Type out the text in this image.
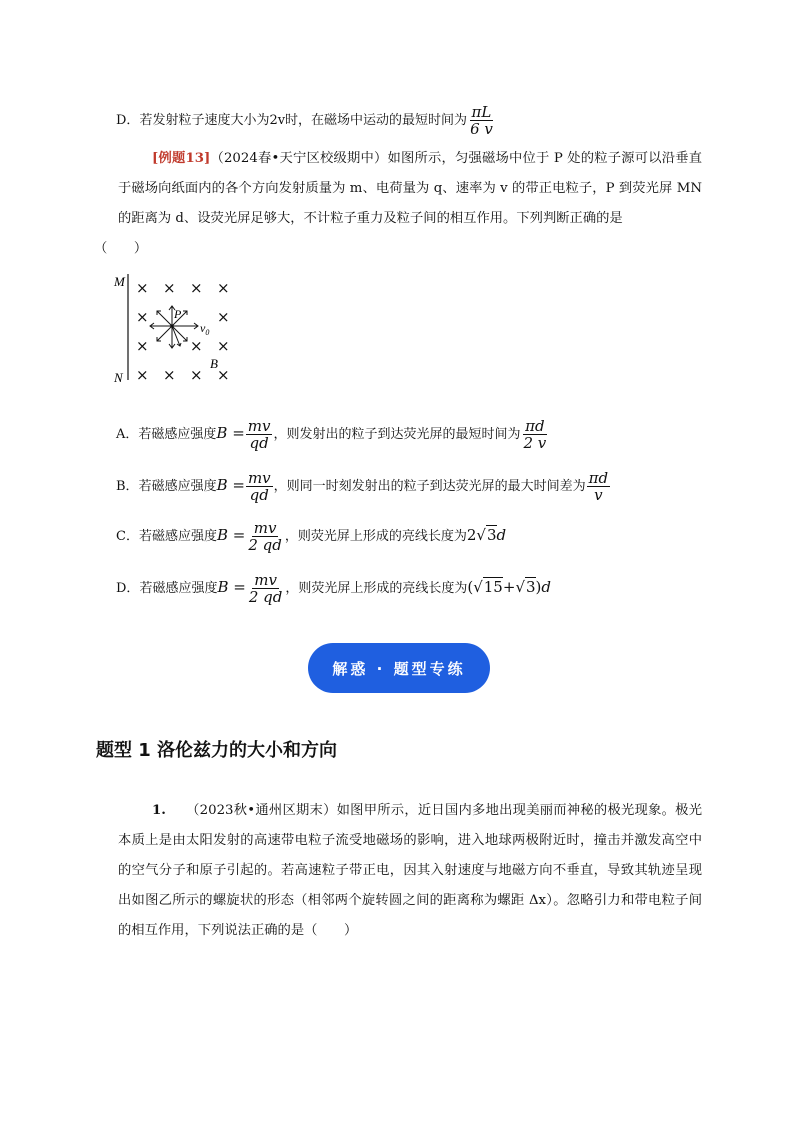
D．若发射粒子速度大小为2v时，在磁场中运动的最短时间为 $\frac{\pi L}{6 v}$
[例题13]（2024春•天宁区校级期中）如图所示，匀强磁场中位于 P 处的粒子源可以沿垂直于磁场向纸面内的各个方向发射质量为 m、电荷量为 q、速率为 v 的带正电粒子，P 到荧光屏 MN 的距离为 d、设荧光屏足够大，不计粒子重力及粒子间的相互作用。下列判断正确的是
（　　）
M
N
× × × ×
×	×
×	× ×
× × × ×
P
$v_0$
B
A．若磁感应强度$B = \frac{mv}{qd}$ ，则发射出的粒子到达荧光屏的最短时间为 $\frac{\pi d}{2 v}$
B．若磁感应强度$B = \frac{mv}{qd}$ ，则同一时刻发射出的粒子到达荧光屏的最大时间差为 $\frac{\pi d}{v}$
C．若磁感应强度$B = \frac{mv}{2 qd}$ ，则荧光屏上形成的亮线长度为2√3d
D．若磁感应强度$B = \frac{mv}{2 qd}$ ，则荧光屏上形成的亮线长度为(√15+√3)d
解惑 · 题型专练
题型 1 洛伦兹力的大小和方向
1. （2023秋•通州区期末）如图甲所示，近日国内多地出现美丽而神秘的极光现象。极光本质上是由太阳发射的高速带电粒子流受地磁场的影响，进入地球两极附近时，撞击并激发高空中的空气分子和原子引起的。若高速粒子带正电，因其入射速度与地磁方向不垂直，导致其轨迹呈现出如图乙所示的螺旋状的形态（相邻两个旋转圆之间的距离称为螺距 Δx）。忽略引力和带电粒子间的相互作用，下列说法正确的是（　　）
